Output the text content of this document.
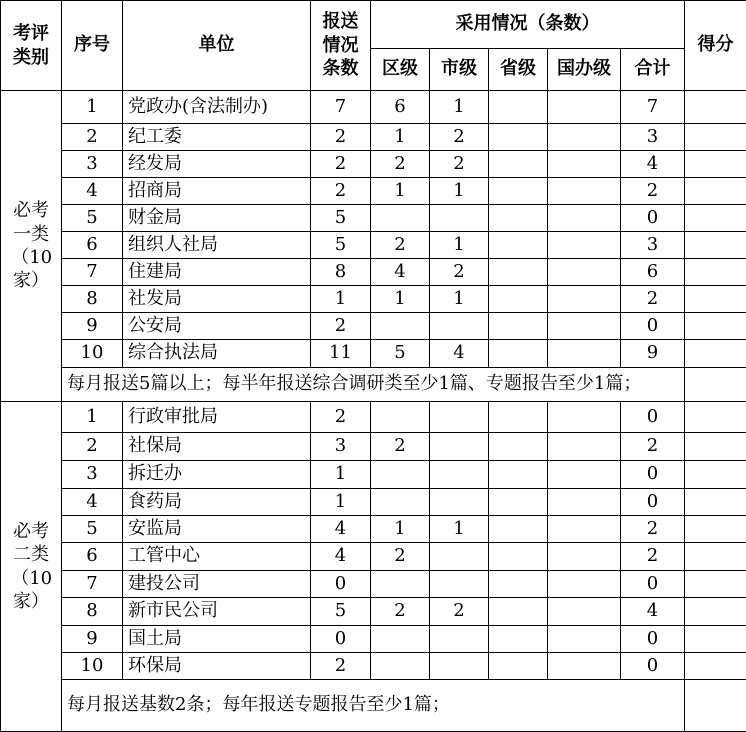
考评类别	序号	单位	报送情况条数	采用情况（条数）					得分
				区级	市级	省级	国办级	合计	

必考一类（10家）	1	党政办(含法制办)	7	6	1			7	
	2	纪工委	2	1	2			3	
	3	经发局	2	2	2			4	
	4	招商局	2	1	1			2	
	5	财金局	5					0	
	6	组织人社局	5	2	1			3	
	7	住建局	8	4	2			6	
	8	社发局	1	1	1			2	
	9	公安局	2					0	
	10	综合执法局	11	5	4			9	
	每月报送5篇以上；每半年报送综合调研类至少1篇、专题报告至少1篇；								

必考二类（10家）	1	行政审批局	2					0	
	2	社保局	3	2				2	
	3	拆迁办	1					0	
	4	食药局	1					0	
	5	安监局	4	1	1			2	
	6	工管中心	4	2				2	
	7	建投公司	0					0	
	8	新市民公司	5	2	2			4	
	9	国土局	0					0	
	10	环保局	2					0	
	每月报送基数2条；每年报送专题报告至少1篇；								
